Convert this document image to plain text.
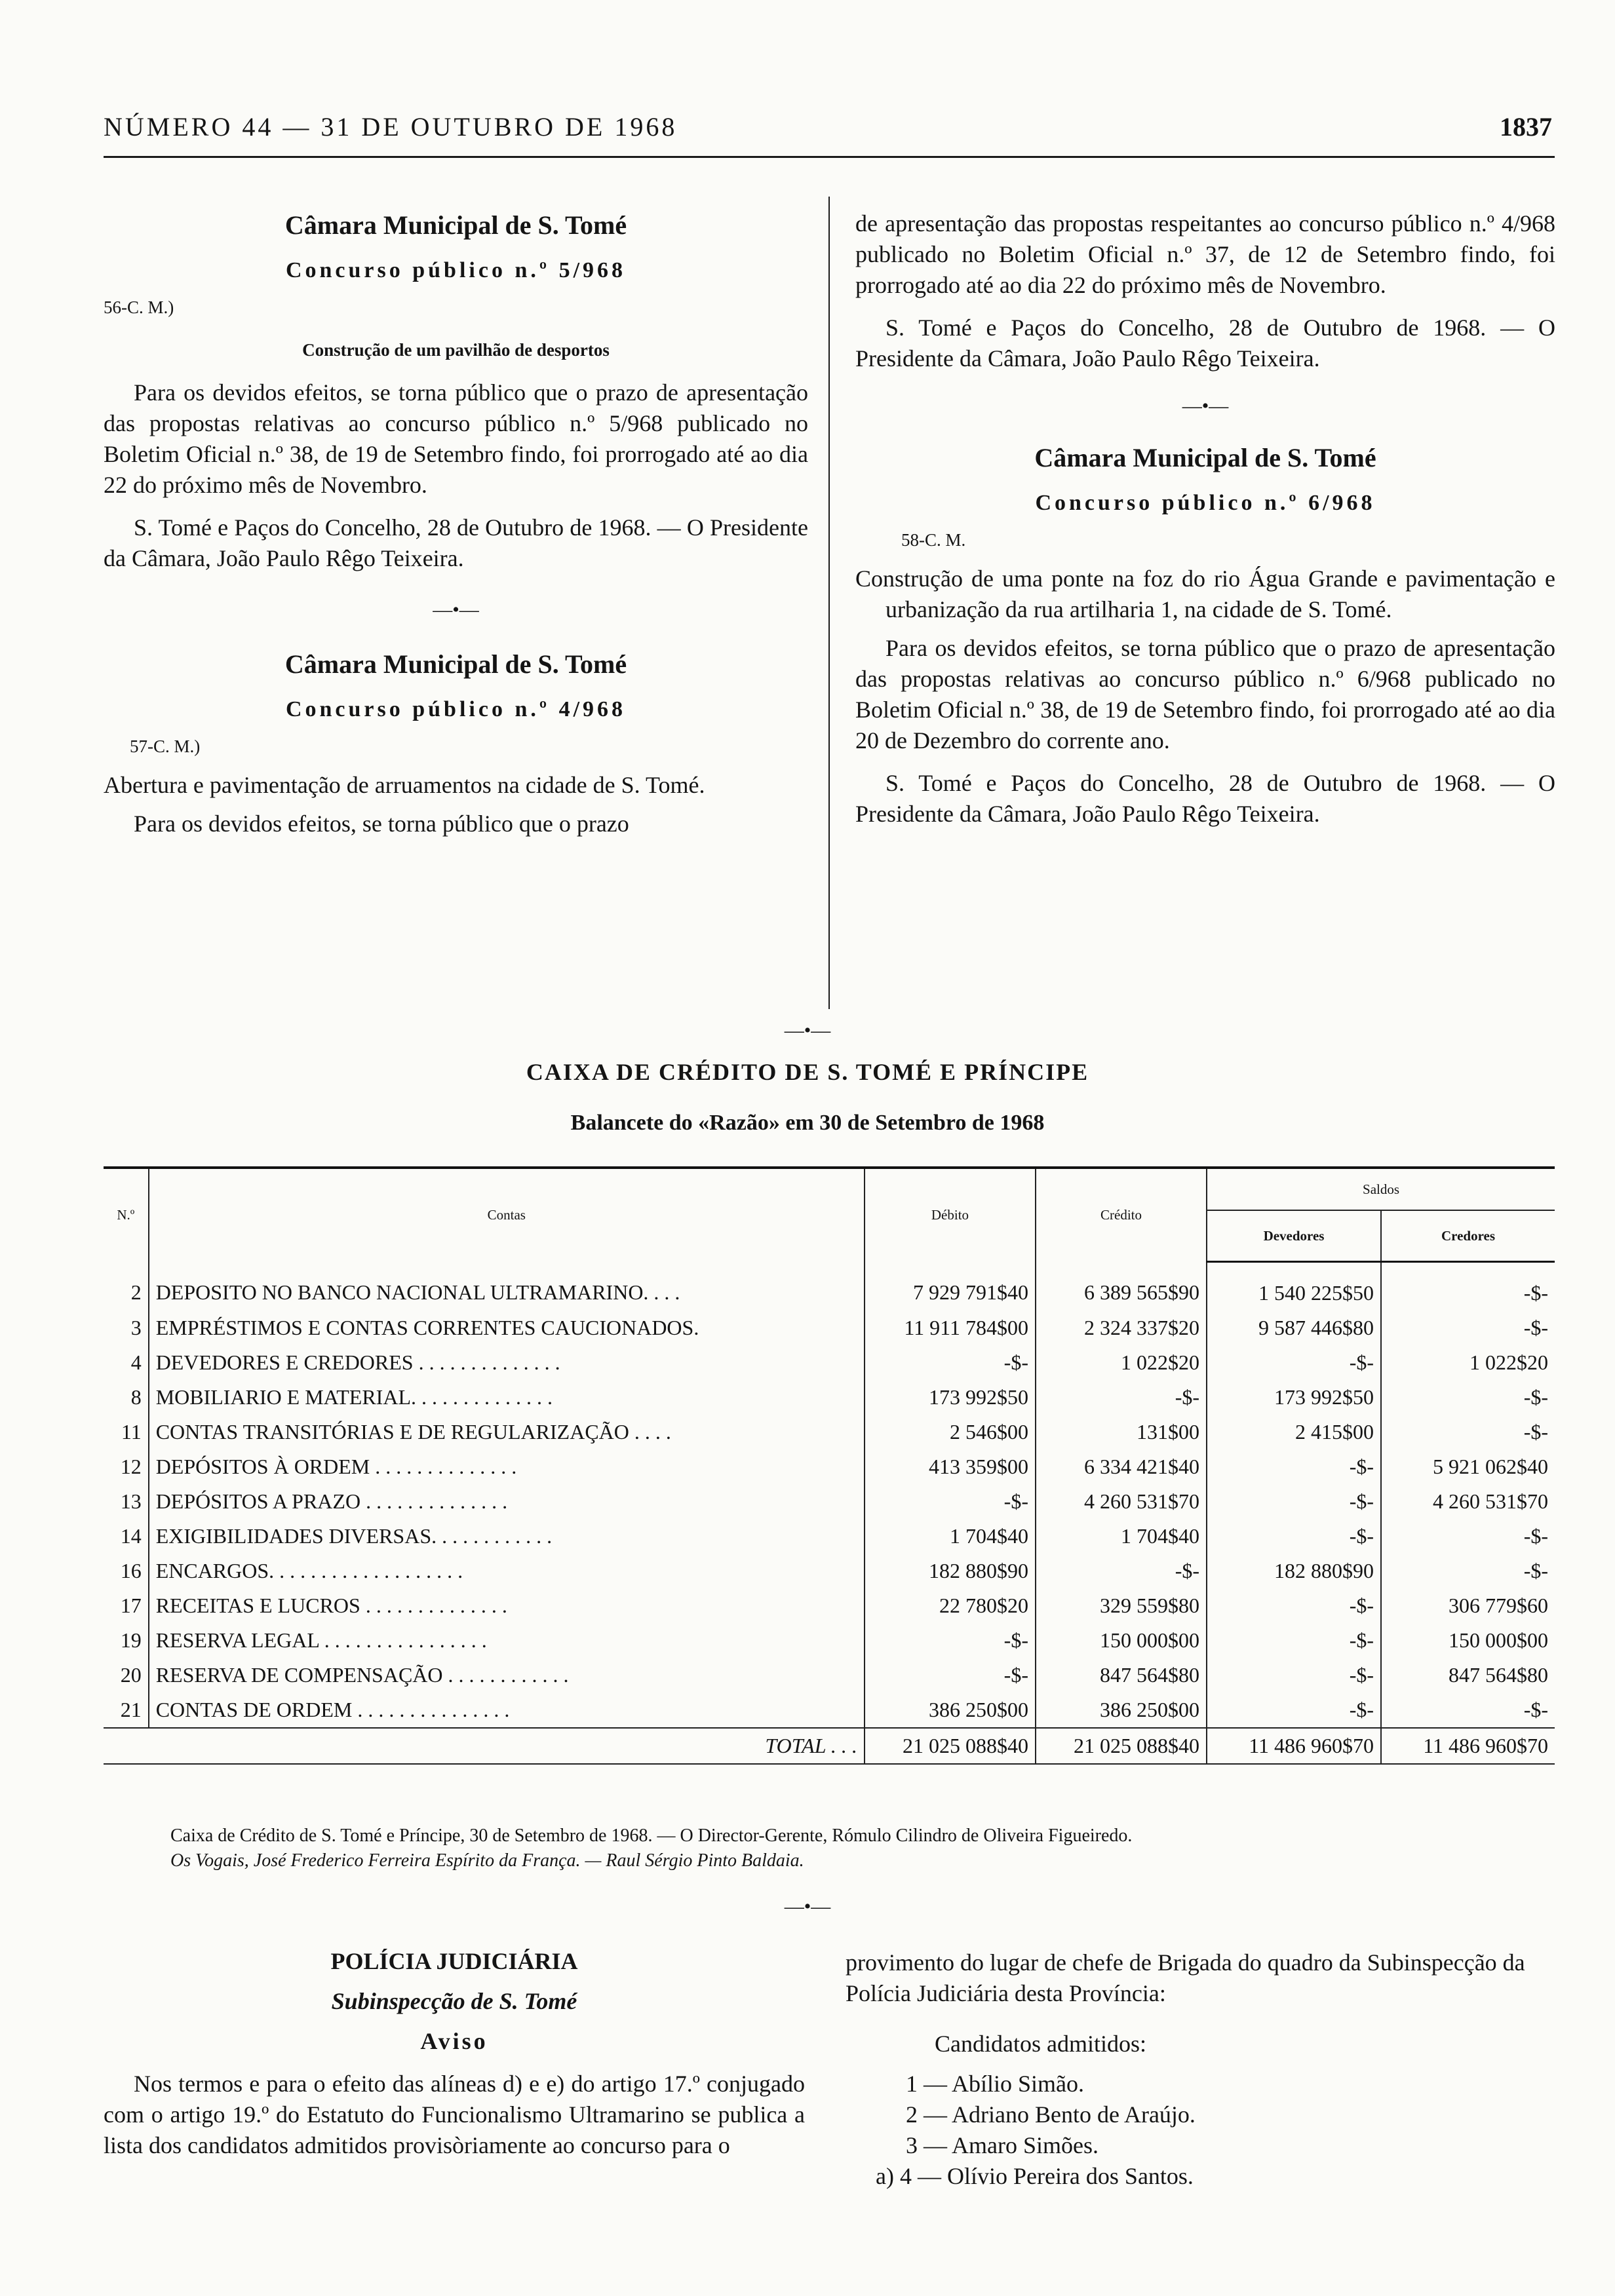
NÚMERO 44 — 31 DE OUTUBRO DE 1968	1837

Câmara Municipal de S. Tomé

Concurso público n.º 5/968

56-C. M.)

Construção de um pavilhão de desportos

Para os devidos efeitos, se torna público que o prazo de apresentação das propostas relativas ao concurso público n.º 5/968 publicado no Boletim Oficial n.º 38, de 19 de Setembro findo, foi prorrogado até ao dia 22 do próximo mês de Novembro.

S. Tomé e Paços do Concelho, 28 de Outubro de 1968. — O Presidente da Câmara, João Paulo Rêgo Teixeira.

—•—

Câmara Municipal de S. Tomé

Concurso público n.º 4/968

57-C. M.)

Abertura e pavimentação de arruamentos na cidade de S. Tomé.

Para os devidos efeitos, se torna público que o prazo

de apresentação das propostas respeitantes ao concurso público n.º 4/968 publicado no Boletim Oficial n.º 37, de 12 de Setembro findo, foi prorrogado até ao dia 22 do próximo mês de Novembro.

S. Tomé e Paços do Concelho, 28 de Outubro de 1968. — O Presidente da Câmara, João Paulo Rêgo Teixeira.

—•—

Câmara Municipal de S. Tomé

Concurso público n.º 6/968

58-C. M.

Construção de uma ponte na foz do rio Água Grande e pavimentação e urbanização da rua artilharia 1, na cidade de S. Tomé.

Para os devidos efeitos, se torna público que o prazo de apresentação das propostas relativas ao concurso público n.º 6/968 publicado no Boletim Oficial n.º 38, de 19 de Setembro findo, foi prorrogado até ao dia 20 de Dezembro do corrente ano.

S. Tomé e Paços do Concelho, 28 de Outubro de 1968. — O Presidente da Câmara, João Paulo Rêgo Teixeira.

—•—

CAIXA DE CRÉDITO DE S. TOMÉ E PRÍNCIPE
Balancete do «Razão» em 30 de Setembro de 1968
N.º	Contas	Débito	Crédito	Saldos	
				Devedores	Credores
2	DEPOSITO NO BANCO NACIONAL ULTRAMARINO. . . .	7 929 791$40	6 389 565$90	1 540 225$50	-$-
3	EMPRÉSTIMOS E CONTAS CORRENTES CAUCIONADOS.	11 911 784$00	2 324 337$20	9 587 446$80	-$-
4	DEVEDORES E CREDORES . . . . . . . . . . . . . .	-$-	1 022$20	-$-	1 022$20
8	MOBILIARIO E MATERIAL. . . . . . . . . . . . . .	173 992$50	-$-	173 992$50	-$-
11	CONTAS TRANSITÓRIAS E DE REGULARIZAÇÃO . . . .	2 546$00	131$00	2 415$00	-$-
12	DEPÓSITOS À ORDEM . . . . . . . . . . . . . .	413 359$00	6 334 421$40	-$-	5 921 062$40
13	DEPÓSITOS A PRAZO . . . . . . . . . . . . . .	-$-	4 260 531$70	-$-	4 260 531$70
14	EXIGIBILIDADES DIVERSAS. . . . . . . . . . . .	1 704$40	1 704$40	-$-	-$-
16	ENCARGOS. . . . . . . . . . . . . . . . . . .	182 880$90	-$-	182 880$90	-$-
17	RECEITAS E LUCROS . . . . . . . . . . . . . .	22 780$20	329 559$80	-$-	306 779$60
19	RESERVA LEGAL . . . . . . . . . . . . . . . .	-$-	150 000$00	-$-	150 000$00
20	RESERVA DE COMPENSAÇÃO . . . . . . . . . . . .	-$-	847 564$80	-$-	847 564$80
21	CONTAS DE ORDEM . . . . . . . . . . . . . . .	386 250$00	386 250$00	-$-	-$-
	TOTAL . . .	21 025 088$40	21 025 088$40	11 486 960$70	11 486 960$70

Caixa de Crédito de S. Tomé e Príncipe, 30 de Setembro de 1968. — O Director-Gerente, Rómulo Cilindro de Oliveira Figueiredo.

Os Vogais, José Frederico Ferreira Espírito da França. — Raul Sérgio Pinto Baldaia.

—•—

POLÍCIA JUDICIÁRIA

Subinspecção de S. Tomé

Aviso

Nos termos e para o efeito das alíneas d) e e) do artigo 17.º conjugado com o artigo 19.º do Estatuto do Funcionalismo Ultramarino se publica a lista dos candidatos admitidos provisòriamente ao concurso para o

provimento do lugar de chefe de Brigada do quadro da Subinspecção da Polícia Judiciária desta Província:

Candidatos admitidos:

1 — Abílio Simão.

2 — Adriano Bento de Araújo.

3 — Amaro Simões.

a) 4 — Olívio Pereira dos Santos.
